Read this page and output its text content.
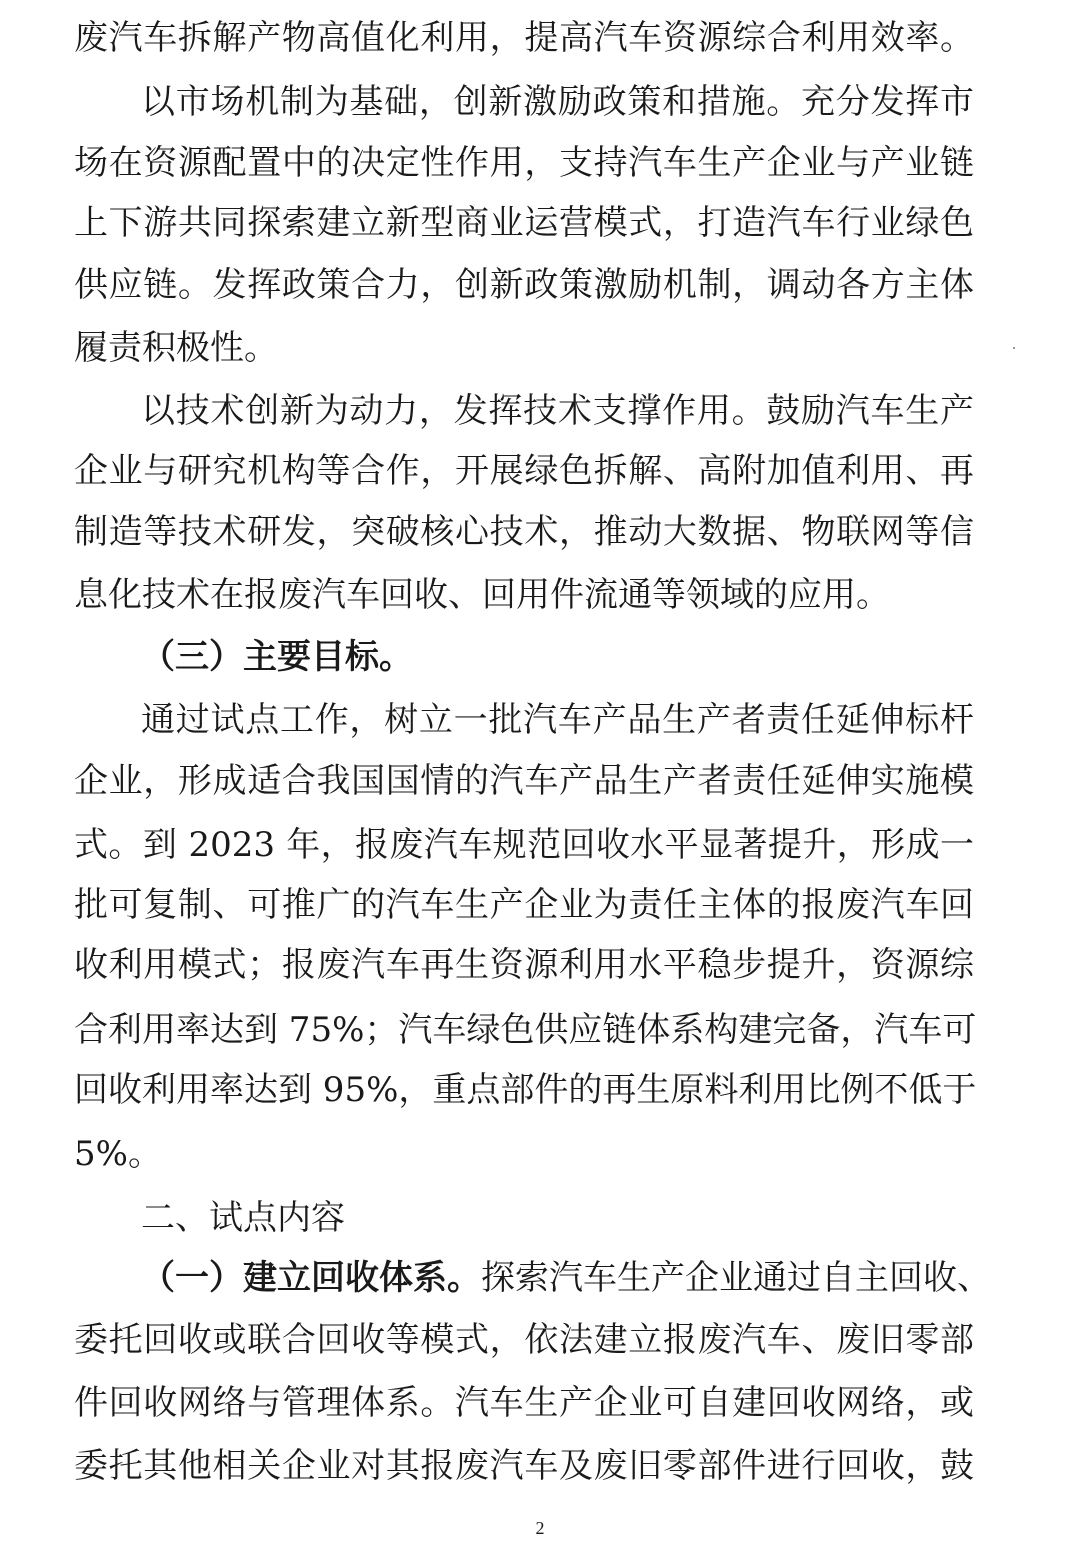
废汽车拆解产物高值化利用，提高汽车资源综合利用效率。
以市场机制为基础，创新激励政策和措施。充分发挥市
场在资源配置中的决定性作用，支持汽车生产企业与产业链
上下游共同探索建立新型商业运营模式，打造汽车行业绿色
供应链。发挥政策合力，创新政策激励机制，调动各方主体
履责积极性。
以技术创新为动力，发挥技术支撑作用。鼓励汽车生产
企业与研究机构等合作，开展绿色拆解、高附加值利用、再
制造等技术研发，突破核心技术，推动大数据、物联网等信
息化技术在报废汽车回收、回用件流通等领域的应用。
（三）主要目标。
通过试点工作，树立一批汽车产品生产者责任延伸标杆
企业，形成适合我国国情的汽车产品生产者责任延伸实施模
式。到 2023 年，报废汽车规范回收水平显著提升，形成一
批可复制、可推广的汽车生产企业为责任主体的报废汽车回
收利用模式；报废汽车再生资源利用水平稳步提升，资源综
合利用率达到 75%；汽车绿色供应链体系构建完备，汽车可
回收利用率达到 95%，重点部件的再生原料利用比例不低于
5%。
二、试点内容
（一）建立回收体系。探索汽车生产企业通过自主回收、
委托回收或联合回收等模式，依法建立报废汽车、废旧零部
件回收网络与管理体系。汽车生产企业可自建回收网络，或
委托其他相关企业对其报废汽车及废旧零部件进行回收，鼓
2
